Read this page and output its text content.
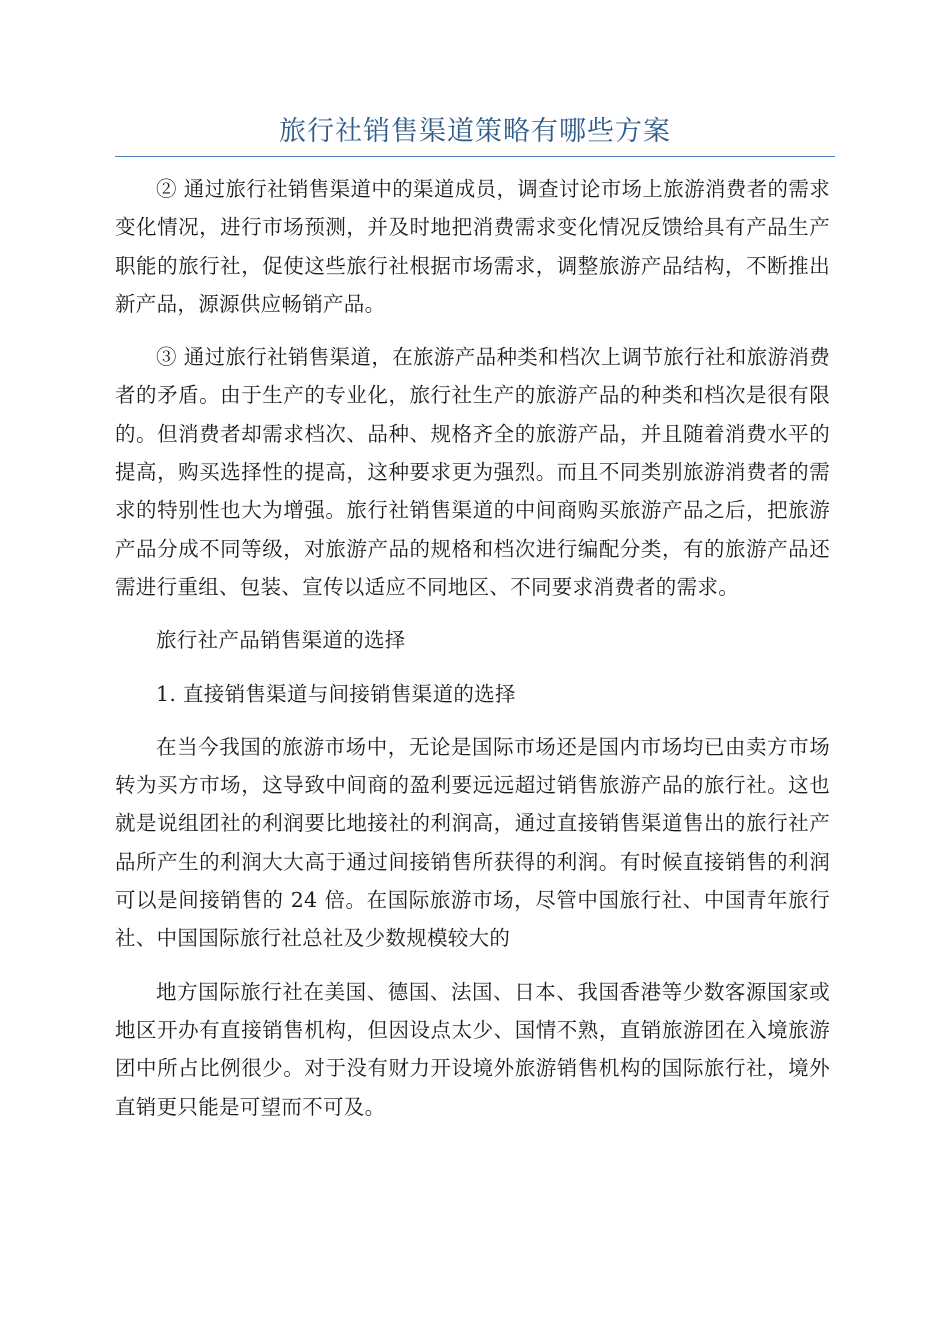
旅行社销售渠道策略有哪些方案

② 通过旅行社销售渠道中的渠道成员，调查讨论市场上旅游消费者的需求变化情况，进行市场预测，并及时地把消费需求变化情况反馈给具有产品生产职能的旅行社，促使这些旅行社根据市场需求，调整旅游产品结构，不断推出新产品，源源供应畅销产品。

③ 通过旅行社销售渠道，在旅游产品种类和档次上调节旅行社和旅游消费者的矛盾。由于生产的专业化，旅行社生产的旅游产品的种类和档次是很有限的。但消费者却需求档次、品种、规格齐全的旅游产品，并且随着消费水平的提高，购买选择性的提高，这种要求更为强烈。而且不同类别旅游消费者的需求的特别性也大为增强。旅行社销售渠道的中间商购买旅游产品之后，把旅游产品分成不同等级，对旅游产品的规格和档次进行编配分类，有的旅游产品还需进行重组、包装、宣传以适应不同地区、不同要求消费者的需求。

旅行社产品销售渠道的选择

1. 直接销售渠道与间接销售渠道的选择

在当今我国的旅游市场中，无论是国际市场还是国内市场均已由卖方市场转为买方市场，这导致中间商的盈利要远远超过销售旅游产品的旅行社。这也就是说组团社的利润要比地接社的利润高，通过直接销售渠道售出的旅行社产品所产生的利润大大高于通过间接销售所获得的利润。有时候直接销售的利润可以是间接销售的 24 倍。在国际旅游市场，尽管中国旅行社、中国青年旅行社、中国国际旅行社总社及少数规模较大的

地方国际旅行社在美国、德国、法国、日本、我国香港等少数客源国家或地区开办有直接销售机构，但因设点太少、国情不熟，直销旅游团在入境旅游团中所占比例很少。对于没有财力开设境外旅游销售机构的国际旅行社，境外直销更只能是可望而不可及。
